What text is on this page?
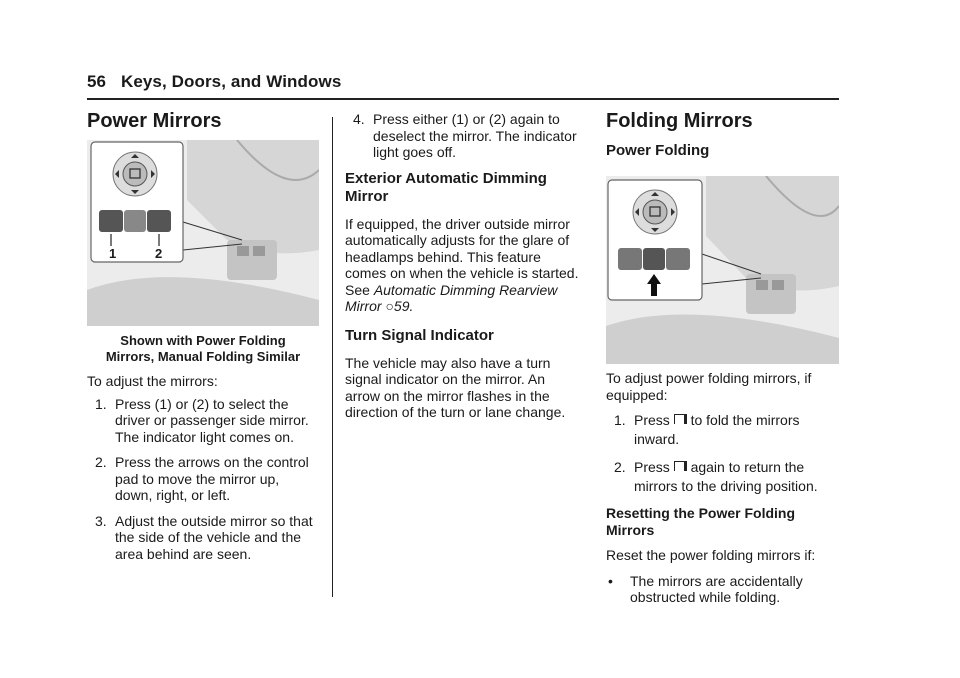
56 Keys, Doors, and Windows
Power Mirrors
1	2

Shown with Power Folding

Mirrors, Manual Folding Similar

To adjust the mirrors:

1. Press (1) or (2) to select the driver or passenger side mirror. The indicator light comes on.
2. Press the arrows on the control pad to move the mirror up, down, right, or left.
3. Adjust the outside mirror so that the side of the vehicle and the area behind are seen.
4. Press either (1) or (2) again to deselect the mirror. The indicator light goes off.
Exterior Automatic Dimming Mirror

If equipped, the driver outside mirror automatically adjusts for the glare of headlamps behind. This feature comes on when the vehicle is started. See Automatic Dimming Rearview Mirror ○59.

Turn Signal Indicator

The vehicle may also have a turn signal indicator on the mirror. An arrow on the mirror flashes in the direction of the turn or lane change.

Folding Mirrors
Power Folding

To adjust power folding mirrors, if equipped:

1. Press to fold the mirrors inward.
2. Press again to return the mirrors to the driving position.

Resetting the Power Folding Mirrors

Reset the power folding mirrors if:

• The mirrors are accidentally obstructed while folding.
